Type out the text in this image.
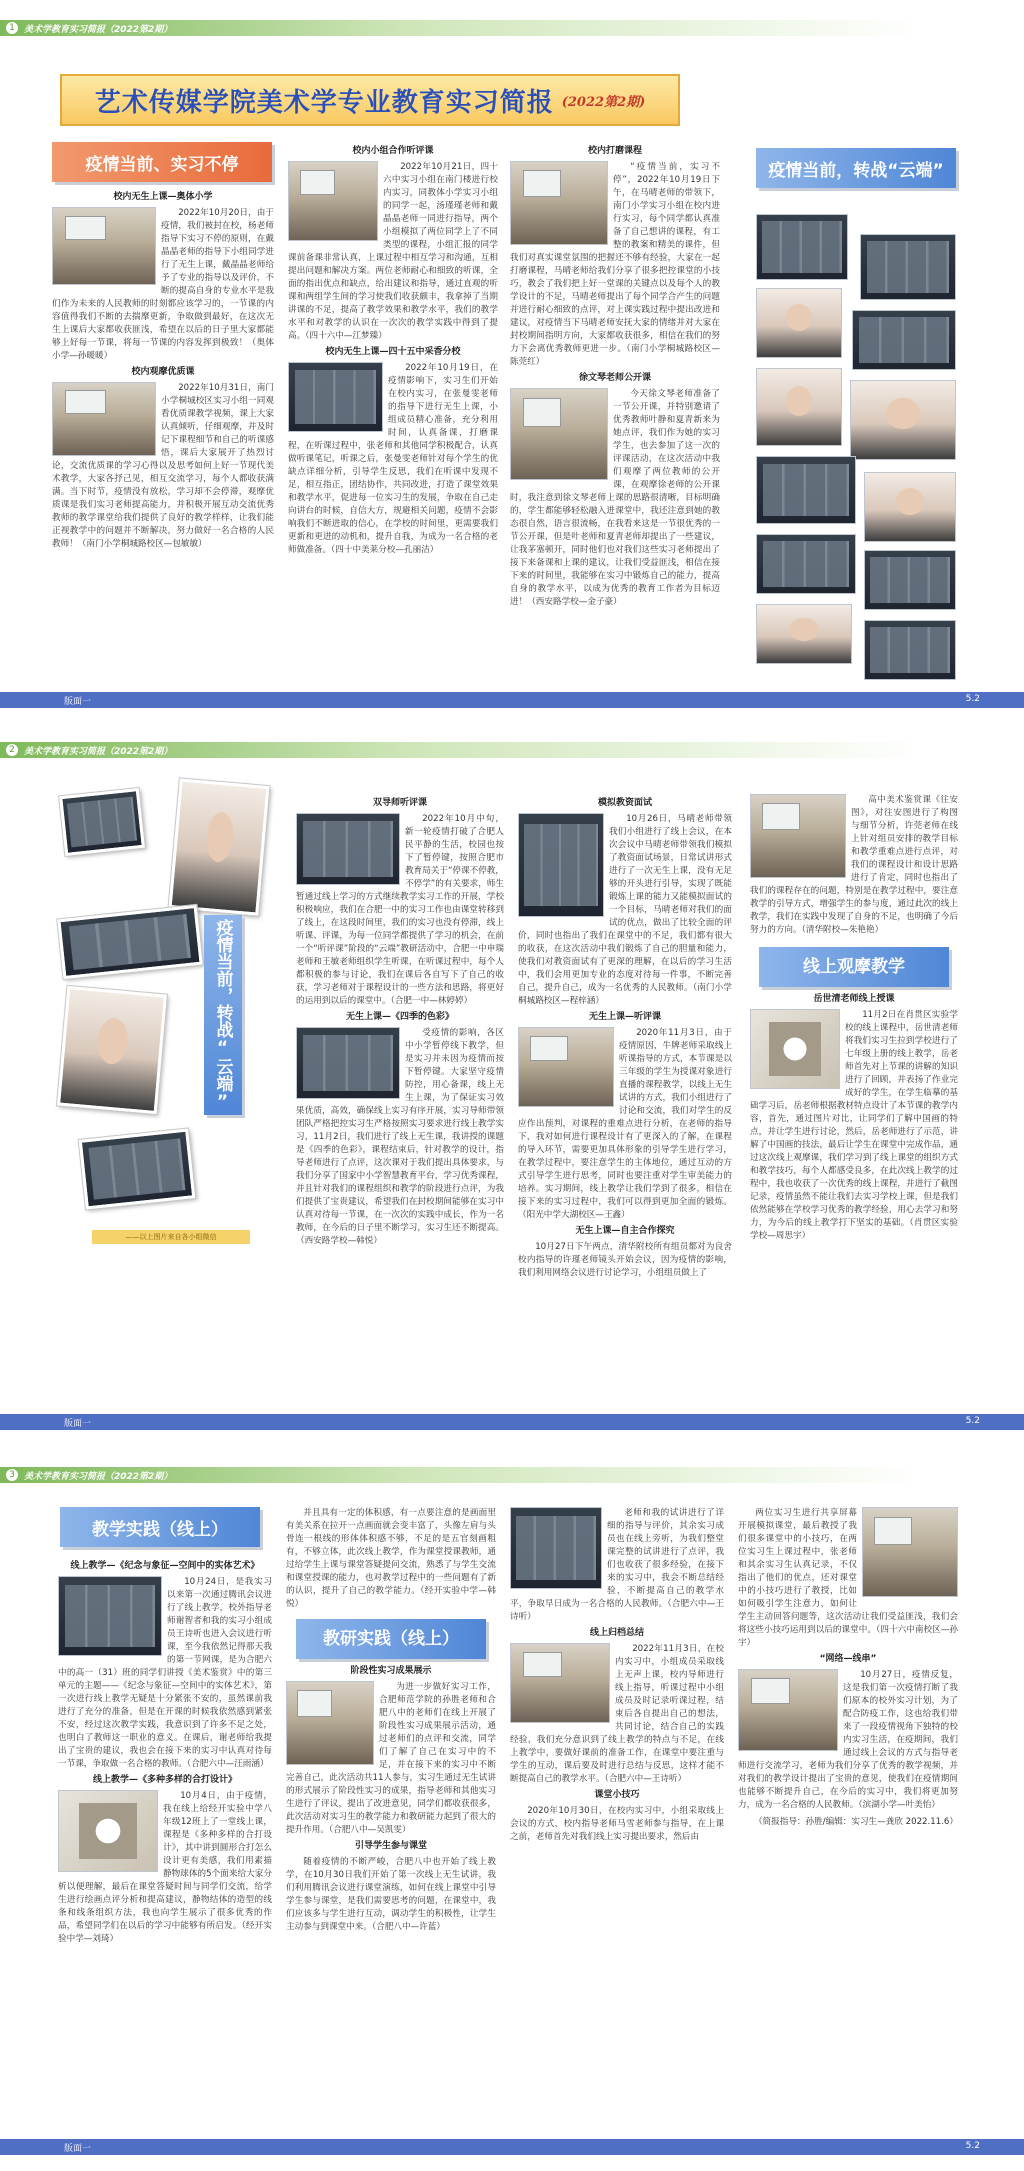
1	美术学教育实习简报（2022第2期）
艺术传媒学院美术学专业教育实习简报 (2022第2期)
疫情当前、实习不停
校内无生上课—奥体小学

2022年10月20日，由于疫情，我们被封在校，杨老师指导下实习不停的原则，在戴晶晶老师的指导下小组同学进行了无生上课，戴晶晶老师给予了专业的指导以及评价，不断的提高自身的专业水平是我们作为未来的人民教师的时刻都应该学习的，一节课的内容值得我们不断的去揣摩更新，争取做到最好，在这次无生上课后大家都收获匪浅，希望在以后的日子里大家都能够上好每一节课，将每一节课的内容发挥到极致！（奥体小学—孙暖暖）

校内观摩优质课

2022年10月31日，南门小学桐城校区实习小组一同观看优质课教学视频，课上大家认真倾听，仔细观摩，并及时记下课程细节和自己的听课感悟，课后大家展开了热烈讨论，交流优质课的学习心得以及思考如何上好一节现代美术教学，大家各抒己见，相互交流学习，每个人都收获满满。当下时节，疫情没有放松，学习却不会停滞，观摩优质课是我们实习老师提高能力，并积极开展互动交流优秀教师的教学课堂给我们提供了良好的教学样样，让我们能正视教学中的问题并不断解决，努力做好一名合格的人民教师！（南门小学桐城路校区—包敏敏）

校内小组合作听评课

2022年10月21日，四十六中实习小组在南门楼进行校内实习，同教体小学实习小组的同学一起，汤瑾瑾老师和戴晶晶老师一同进行指导，两个小组模拟了两位同学上了不同类型的课程，小组汇报的同学课前备课非常认真，上课过程中相互学习和沟通，互相提出问题和解决方案。两位老师耐心和细致的听课，全面的指出优点和缺点，给出建议和指导，通过直观的听课和两组学生间的学习使我们收获颇丰，我拿掉了当期讲课的不足，提高了教学效果和教学水平，我们的教学水平和对教学的认识在一次次的教学实践中得到了提高。（四十六中—江梦臻）

校内无生上课—四十五中采香分校

2022年10月19日，在疫情影响下，实习生们开始在校内实习，在张曼雯老师的指导下进行无生上课，小组成员精心准备，充分利用时间，认真备课，打磨课程，在听课过程中，张老师和其他同学积极配合，认真做听课笔记，听课之后，张曼雯老师针对每个学生的优缺点详细分析，引导学生反思，我们在听课中发现不足，相互指正，团结协作，共同改进，打造了课堂效果和教学水平，促进每一位实习生的发展，争取在自己走向讲台的时候，自信大方，规避相关问题，疫情不会影响我们不断进取的信心，在学校的时间里，更需要我们更新和更进的动机和，提升自我，为成为一名合格的老师做准备。（四十中美莱分校—孔丽洁）

校内打磨课程

“疫情当前，实习不停”，2022年10月19日下午，在马晴老师的带领下，南门小学实习小组在校内进行实习，每个同学都认真准备了自己想讲的课程，有工整的教案和精美的课件，但我们对真实课堂氛围的把握还不够有经验，大家在一起打磨课程，马晴老师给我们分享了很多把控课堂的小技巧，教会了我们把上好一堂课的关键点以及每个人的教学设计的不足，马晴老师提出了每个同学合产生的问题并进行耐心细致的点评，对上课实践过程中提出改进和建议，对疫情当下马晴老师安抚大家的情绪并对大家在封校期间指明方向，大家都收获很多，相信在我们的努力下会离优秀教师更进一步。（南门小学桐城路校区—陈莞红）

徐文琴老师公开课

今天徐文琴老师准备了一节公开课，并特别邀请了优秀教师叶静和夏青新来为她点评，我们作为她的实习学生，也去参加了这一次的评课活动，在这次活动中我们观摩了两位教师的公开课，在观摩徐老师的公开课时，我注意到徐文琴老师上课的思路很清晰，目标明确的，学生都能够轻松融入进课堂中，我还注意到她的教态很自然，语言很流畅，在我看来这是一节很优秀的一节公开课，但是叶老师和夏青老师却提出了一些建议，让我茅塞顿开，同时他们也对我们这些实习老师提出了接下来备课和上课的建议，让我们受益匪浅，相信在接下来的时间里，我能够在实习中锻炼自己的能力，提高自身的教学水平，以成为优秀的教育工作者为目标迈进！（西安路学校—金子豪）

疫情当前，转战“云端”
版面一	5.2
2	美术学教育实习简报（2022第2期）
疫情当前，转战“云端”
——以上图片来自各小组微信
双导师听评课

2022年10月中旬，新一轮疫情打破了合肥人民平静的生活，校园也按下了暂停键，按照合肥市教育局关于“停课不停教，不停学”的有关要求，师生暂通过线上学习的方式继续教学实习工作的开展，学校积极响应，我们在合肥一中的实习工作也由课堂转移到了线上，在这段时间里，我们的实习也没有停滞，线上听课、评课，为每一位同学都提供了学习的机会，在前一个“听评课”阶段的“云端”教研活动中，合肥一中申瑞老师和王敏老师组织学生听课，在听课过程中，每个人都积极的参与讨论，我们在课后各自写下了自己的收获，学习老师对于课程设计的一些方法和思路，将更好的运用到以后的课堂中。（合肥一中—林婷婷）

无生上课—《四季的色彩》

受疫情的影响，各区中小学暂停线下教学，但是实习并未因为疫情而按下暂停键。大家坚守疫情防控，用心备课，线上无生上课，为了保证实习效果优质，高效，确保线上实习有序开展，实习导师带领团队严格把控实习生严格按照实习要求进行线上教学实习，11月2日，我们进行了线上无生课，我讲授的课题是《四季的色彩》，课程结束后，针对教学的设计，指导老师进行了点评，这次课对于我们提出具体要求，与我们分享了国家中小学智慧教育平台，学习优秀课程，并且针对我们的课程组织和教学的阶段进行点评，为我们提供了宝贵建议，希望我们在封校期间能够在实习中认真对待每一节课，在一次次的实践中成长，作为一名教师，在今后的日子里不断学习，实习生还不断提高。（西安路学校—韩悦）

模拟教资面试

10月26日，马晴老师带领我们小组进行了线上会议，在本次会议中马晴老师带领我们模拟了教资面试场景，日常试讲形式进行了一次无生上课，没有无足够的开头进行引导，实现了既能锻炼上课的能力又能模拟面试的一个目标，马晴老师对我们的面试的优点，做出了比较全面的评价，同时也指出了我们在课堂中的不足，我们都有很大的收获，在这次活动中我们锻炼了自己的胆量和能力，使我们对教资面试有了更深的理解，在以后的学习生活中，我们会用更加专业的态度对待每一件事，不断完善自己，提升自己，成为一名优秀的人民教师。（南门小学桐城路校区—程梓涵）

无生上课—听评课

2020年11月3日，由于疫情原因，牛牌老师采取线上听课指导的方式，本节课是以三年级的学生为授课对象进行直播的课程教学，以线上无生试讲的方式，我们小组进行了讨论和交流，我们对学生的反应作出预判，对课程的重难点进行分析，在老师的指导下，我对如何进行课程设计有了更深入的了解，在课程的导入环节，需要更加具体形象的引导学生进行学习，在教学过程中，要注意学生的主体地位，通过互动的方式引导学生进行思考，同时也要注重对学生审美能力的培养。实习期间，线上教学让我们学到了很多，相信在接下来的实习过程中，我们可以得到更加全面的锻炼。（阳光中学大湖校区—王鑫）

无生上课—自主合作探究

10月27日下午两点，清华附校所有组员都对为良舍校内指导的许瑾老师镜头开始会议，因为疫情的影响，我们利用网络会议进行讨论学习，小组组员做上了

高中美术鉴赏课《往安图》，对往安图进行了构图与细节分析，许莞老师在线上针对组员安排的教学目标和教学重难点进行点评，对我们的课程设计和设计思路进行了肯定，同时也指出了我们的课程存在的问题，特别是在教学过程中，要注意教学的引导方式，增强学生的参与度，通过此次的线上教学，我们在实践中发现了自身的不足，也明确了今后努力的方向。（清华附校—朱艳艳）

线上观摩教学
岳世清老师线上授课

11月2日在肖贯区实验学校的线上课程中，岳世清老师将我们实习生拉到学校进行了七年级上册的线上教学，岳老师首先对上节课的讲解的知识进行了回顾，并表扬了作业完成好的学生，在学生临摹的基础学习后，岳老师根据教材特点设计了本节课的教学内容，首先，通过图片对比，让同学们了解中国画的特点，并让学生进行讨论，然后，岳老师进行了示范，讲解了中国画的技法，最后让学生在课堂中完成作品，通过这次线上观摩课，我们学习到了线上课堂的组织方式和教学技巧，每个人都感受良多，在此次线上教学的过程中，我也收获了一次优秀的线上课程，并进行了截图记录，疫情虽然不能让我们去实习学校上课，但是我们依然能够在学校学习优秀的教学经验，用心去学习和努力，为今后的线上教学打下坚实的基础。（肖贯区实验学校—周思宇）

版面一	5.2
3	美术学教育实习简报（2022第2期）
教学实践（线上）
线上教学—《纪念与象征—空间中的实体艺术》

10月24日，是我实习以来第一次通过腾讯会议进行了线上教学，校外指导老师谢智者和我的实习小组成员王诗听也进入会议进行听课，至今我依然记得那天我的第一节网课，是为合肥六中的高一（31）班的同学们讲授《美术鉴赏》中的第三单元的主题——《纪念与象征—空间中的实体艺术》，第一次进行线上教学无疑是十分紧张不安的，虽然课前我进行了充分的准备，但是在开课的时候我依然感到紧张不安，经过这次教学实践，我意识到了许多不足之处，也明白了教师这一职业的意义。在课后，谢老师给我提出了宝贵的建议，我也会在接下来的实习中认真对待每一节课，争取做一名合格的教师。（合肥六中—汪雨涵）

线上教学—《多种多样的合打设计》

10月4日，由于疫情，我在线上给经开实验中学八年级12班上了一堂线上课，课程是《多种多样的合打设计》，其中讲到圆形合打怎么设计更有美感，我们用素描静物球体的5个面来给大家分析以便理解，最后在课堂答疑时间与同学们交流，给学生进行绘画点评分析和提高建议，静物结体的造型的线条和线条组织方法，我也向学生展示了很多优秀的作品，希望同学们在以后的学习中能够有所启发。（经开实验中学—刘琦）

并且具有一定的体积感，有一点要注意的是画面里有美关系在拉开一点画面就会变丰富了，头像左肩与头骨连一根线的形体体积感不够，不足的是五官刻画粗有，不够立体，此次线上教学，作为课堂授课教师，通过给学生上课与课堂答疑提问交流，熟悉了与学生交流和课堂授课的能力，也对教学过程中的一些问题有了新的认识，提升了自己的教学能力。（经开实验中学—韩悦）

教研实践（线上）
阶段性实习成果展示

为进一步做好实习工作，合肥师范学院的孙胜老师和合肥八中的老师们在线上开展了阶段性实习成果展示活动，通过老师们的点评和交流，同学们了解了自己在实习中的不足，并在接下来的实习中不断完善自己，此次活动共11人参与，实习生通过无生试讲的形式展示了阶段性实习的成果，指导老师和其他实习生进行了评议，提出了改进意见，同学们都收获很多，此次活动对实习生的教学能力和教研能力起到了很大的提升作用。（合肥八中—吴凯雯）

引导学生参与课堂

随着疫情的不断严峻，合肥八中也开始了线上教学，在10月30日我们开始了第一次线上无生试讲，我们利用腾讯会议进行课堂演练，如何在线上课堂中引导学生参与课堂，是我们需要思考的问题，在课堂中，我们应该多与学生进行互动，调动学生的积极性，让学生主动参与到课堂中来。（合肥八中—许蓝）

老师和我的试讲进行了详细的指导与评价，其余实习成员也在线上旁听，为我们整堂课完整的试讲进行了点评，我们也收获了很多经验，在接下来的实习中，我会不断总结经验，不断提高自己的教学水平，争取早日成为一名合格的人民教师。（合肥六中—王诗听）

线上归档总结

2022年11月3日，在校内实习中，小组成员采取线上无声上课，校内导师进行线上指导，听课过程中小组成员及时记录听课过程，结束后各自提出自己的想法，共同讨论，结合自己的实践经验，我们充分意识到了线上教学的特点与不足，在线上教学中，要做好课前的准备工作，在课堂中要注重与学生的互动，课后要及时进行总结与反思，这样才能不断提高自己的教学水平。（合肥六中—王诗听）

课堂小技巧

2020年10月30日，在校内实习中，小组采取线上会议的方式，校内指导老师马雪老师参与指导，在上课之前，老师首先对我们线上实习提出要求，然后由

两位实习生进行共享屏幕开展模拟课堂，最后教授了我们很多课堂中的小技巧，在两位实习生上课过程中，张老师和其余实习生认真记录，不仅指出了他们的优点，还对课堂中的小技巧进行了教授，比如如何吸引学生注意力，如何让学生主动回答问题等，这次活动让我们受益匪浅，我们会将这些小技巧运用到以后的课堂中。（四十六中南校区—孙宇）

“网络—线串”

10月27日，疫情反复，这是我们第一次疫情打断了我们原本的校外实习计划，为了配合防疫工作，这也给我们带来了一段疫情视角下独特的校内实习生活，在疫期间，我们通过线上会议的方式与指导老师进行交流学习，老师为我们分享了优秀的教学视频，并对我们的教学设计提出了宝贵的意见，使我们在疫情期间也能够不断提升自己，在今后的实习中，我们将更加努力，成为一名合格的人民教师。（滨湖小学—叶美怡）

（简报指导：孙胜/编辑：实习生—龚欣 2022.11.6）

版面一	5.2
